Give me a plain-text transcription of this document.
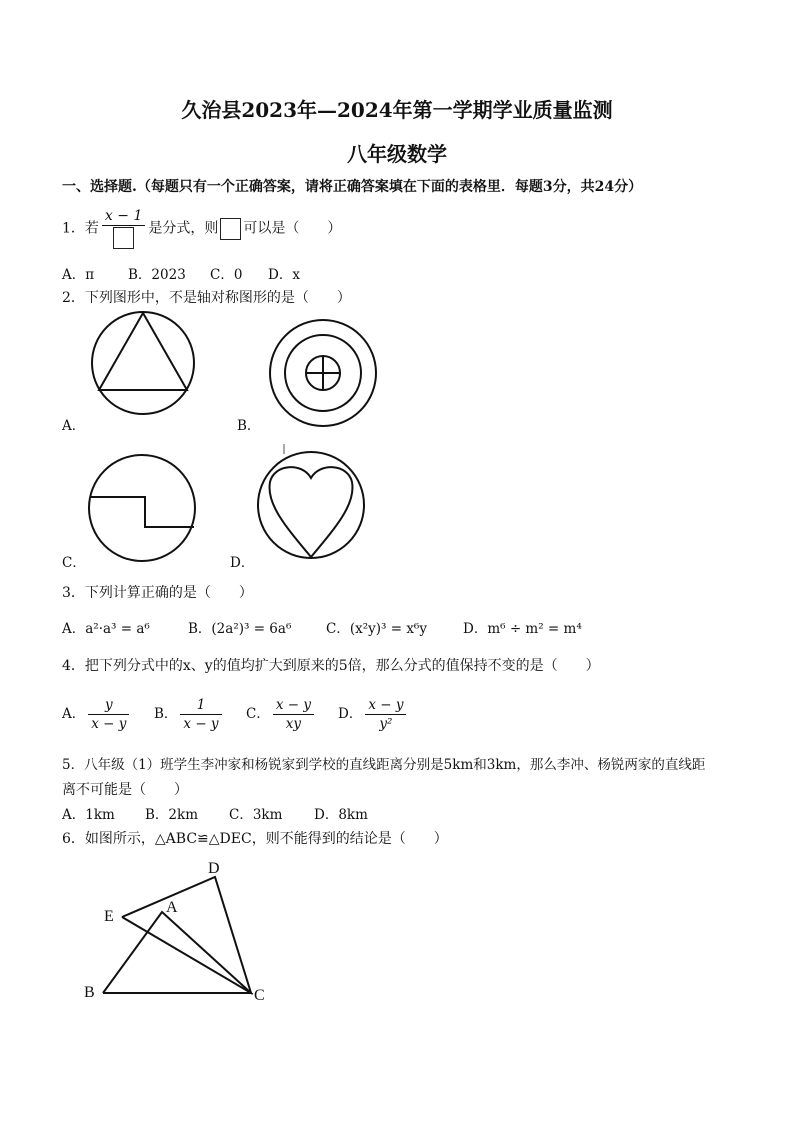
久治县2023年—2024年第一学期学业质量监测
八年级数学
一、选择题.（每题只有一个正确答案，请将正确答案填在下面的表格里．每题3分，共24分）
1．若
x − 1
是分式，则 可以是（　　）
A．π	B．2023 C．0 D．x
2．下列图形中，不是轴对称图形的是（　　）
A．	B．
C．	D．
3．下列计算正确的是（　　）
A．a²·a³ = a⁶	B．(2a²)³ = 6a⁶	C．(x²y)³ = x⁶y	D．m⁶ ÷ m² = m⁴
4．把下列分式中的x、y的值均扩大到原来的5倍，那么分式的值保持不变的是（　　）
A． $\frac{y}{x - y}$ B． $\frac{1}{x - y}$ C． $\frac{x - y}{xy}$ D． $\frac{x - y}{\text{y²}}$
5．八年级（1）班学生李冲家和杨锐家到学校的直线距离分别是5km和3km，那么李冲、杨锐两家的直线距
离不可能是（　　）
A．1km B．2km C．3km D．8km
6．如图所示，△ABC≌△DEC，则不能得到的结论是（　　）
D
E
A
B	C
